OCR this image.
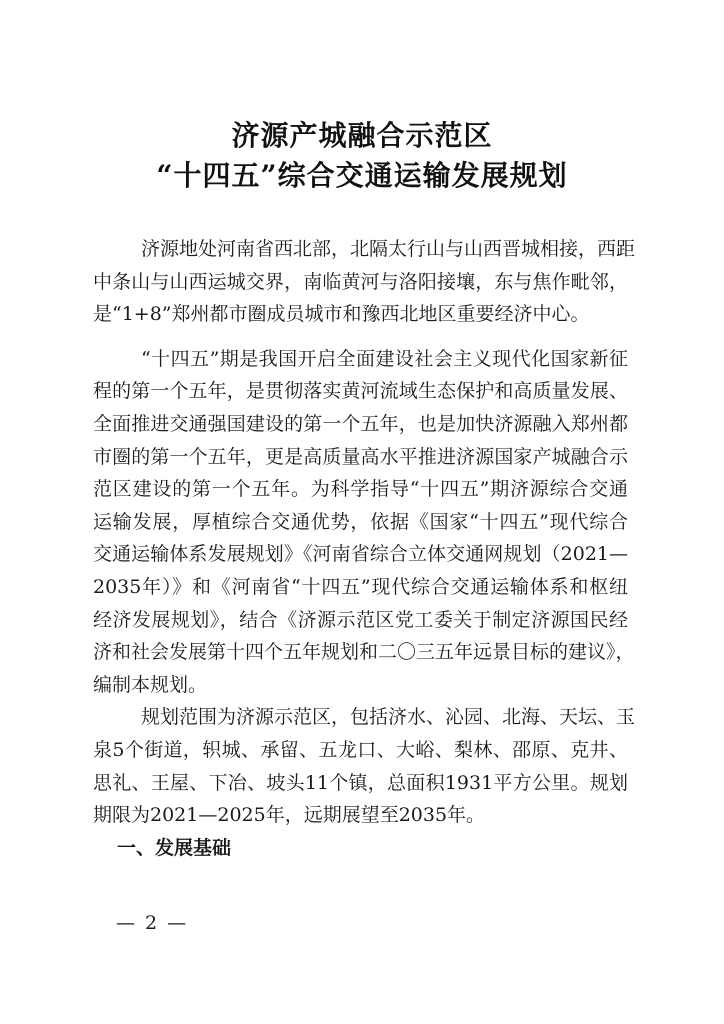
济源产城融合示范区
“十四五”综合交通运输发展规划
济源地处河南省西北部，北隔太行山与山西晋城相接，西距
中条山与山西运城交界，南临黄河与洛阳接壤，东与焦作毗邻，
是“1+8”郑州都市圈成员城市和豫西北地区重要经济中心。
“十四五”期是我国开启全面建设社会主义现代化国家新征
程的第一个五年，是贯彻落实黄河流域生态保护和高质量发展、
全面推进交通强国建设的第一个五年，也是加快济源融入郑州都
市圈的第一个五年，更是高质量高水平推进济源国家产城融合示
范区建设的第一个五年。为科学指导“十四五”期济源综合交通
运输发展，厚植综合交通优势，依据《国家“十四五”现代综合
交通运输体系发展规划》《河南省综合立体交通网规划（2021—
2035年）》和《河南省“十四五”现代综合交通运输体系和枢纽
经济发展规划》，结合《济源示范区党工委关于制定济源国民经
济和社会发展第十四个五年规划和二〇三五年远景目标的建议》，
编制本规划。
规划范围为济源示范区，包括济水、沁园、北海、天坛、玉
泉5个街道，轵城、承留、五龙口、大峪、梨林、邵原、克井、
思礼、王屋、下冶、坡头11个镇，总面积1931平方公里。规划
期限为2021—2025年，远期展望至2035年。
一、发展基础
— 2 —
